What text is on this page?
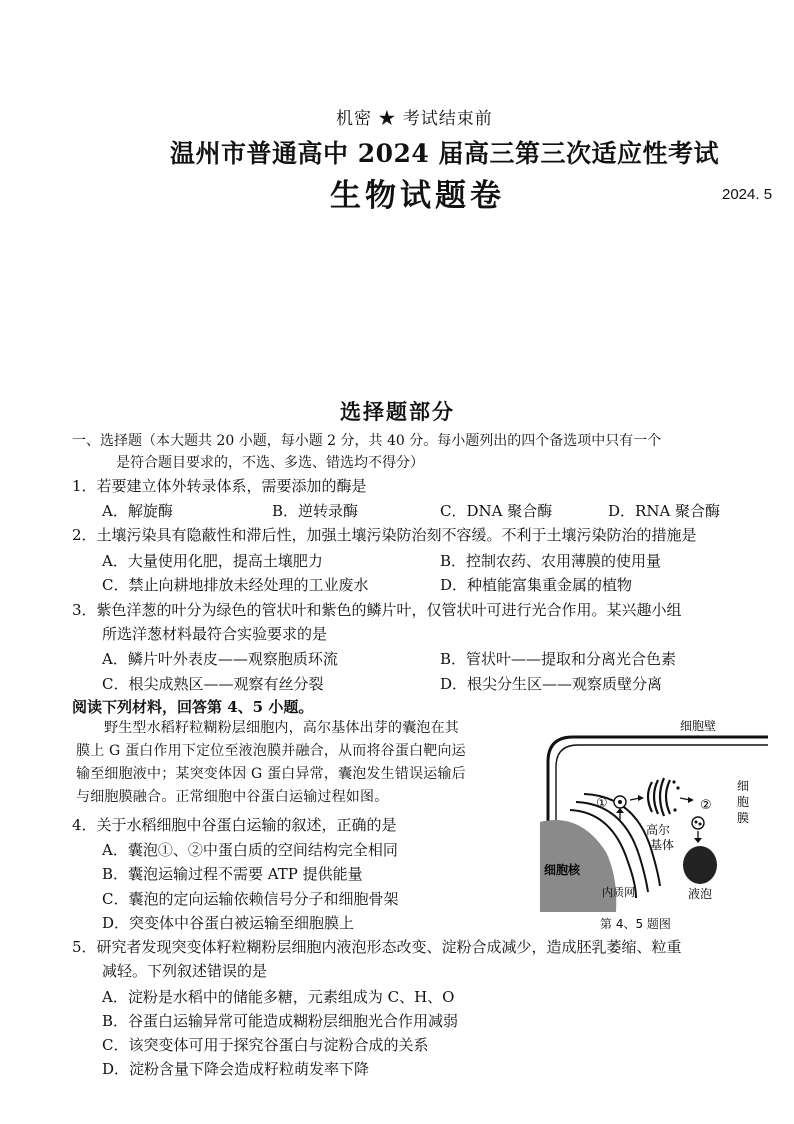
机密 ★ 考试结束前
温州市普通高中 2024 届高三第三次适应性考试
生物试题卷	2024. 5
选择题部分
一、选择题（本大题共 20 小题，每小题 2 分，共 40 分。每小题列出的四个备选项中只有一个
是符合题目要求的，不选、多选、错选均不得分）
1．若要建立体外转录体系，需要添加的酶是
A．解旋酶	B．逆转录酶	C．DNA 聚合酶	D．RNA 聚合酶
2．土壤污染具有隐蔽性和滞后性，加强土壤污染防治刻不容缓。不利于土壤污染防治的措施是
A．大量使用化肥，提高土壤肥力	B．控制农药、农用薄膜的使用量
C．禁止向耕地排放未经处理的工业废水	D．种植能富集重金属的植物
3．紫色洋葱的叶分为绿色的管状叶和紫色的鳞片叶，仅管状叶可进行光合作用。某兴趣小组
所选洋葱材料最符合实验要求的是
A．鳞片叶外表皮——观察胞质环流	B．管状叶——提取和分离光合色素
C．根尖成熟区——观察有丝分裂	D．根尖分生区——观察质壁分离
阅读下列材料，回答第 4、5 小题。
野生型水稻籽粒糊粉层细胞内，高尔基体出芽的囊泡在其
膜上 G 蛋白作用下定位至液泡膜并融合，从而将谷蛋白靶向运
输至细胞液中；某突变体因 G 蛋白异常，囊泡发生错误运输后
与细胞膜融合。正常细胞中谷蛋白运输过程如图。
4．关于水稻细胞中谷蛋白运输的叙述，正确的是
A．囊泡①、②中蛋白质的空间结构完全相同
B．囊泡运输过程不需要 ATP 提供能量
C．囊泡的定向运输依赖信号分子和细胞骨架
D．突变体中谷蛋白被运输至细胞膜上
细胞壁
细
胞
膜
细胞核
内质网
①
高尔
基体
②
液泡
第 4、5 题图
5．研究者发现突变体籽粒糊粉层细胞内液泡形态改变、淀粉合成减少，造成胚乳萎缩、粒重
减轻。下列叙述错误的是
A．淀粉是水稻中的储能多糖，元素组成为 C、H、O
B．谷蛋白运输异常可能造成糊粉层细胞光合作用减弱
C．该突变体可用于探究谷蛋白与淀粉合成的关系
D．淀粉含量下降会造成籽粒萌发率下降
